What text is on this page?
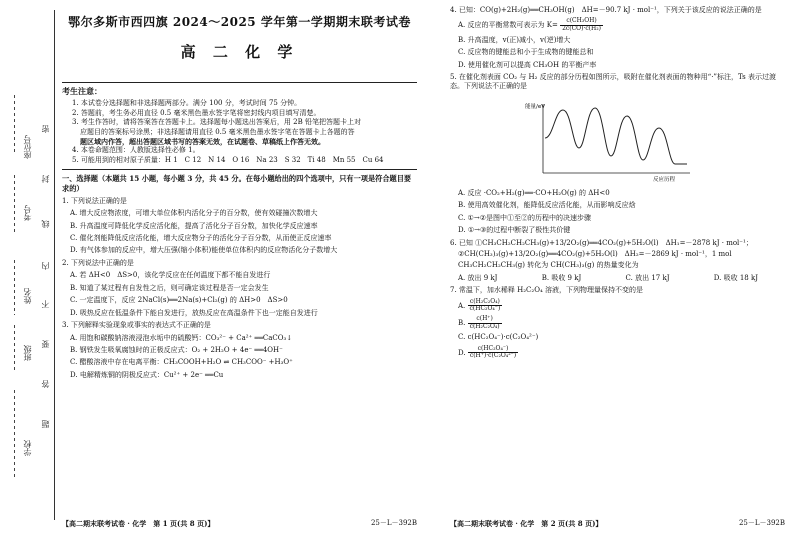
座位号
考号
姓名
班级
学校
密
封
线
内
不
要
答
题
鄂尔多斯市西四旗 2024～2025 学年第一学期期末联考试卷
高 二 化 学
考生注意：
1. 本试卷分选择题和非选择题两部分。满分 100 分，考试时间 75 分钟。
2. 答题前，考生务必用直径 0.5 毫米黑色墨水签字笔将密封线内项目填写清楚。
3. 考生作答时，请将答案答在答题卡上。选择题每小题选出答案后，用 2B 铅笔把答题卡上对
应题目的答案标号涂黑；非选择题请用直径 0.5 毫米黑色墨水签字笔在答题卡上各题的答
题区域内作答，超出答题区域书写的答案无效，在试题卷、草稿纸上作答无效。
4. 本卷命题范围：人教版选择性必修 1。
5. 可能用到的相对原子质量：H 1　C 12　N 14　O 16　Na 23　S 32　Ti 48　Mn 55　Cu 64
一、选择题（本题共 15 小题，每小题 3 分，共 45 分。在每小题给出的四个选项中，只有一项是符合题目要求的）
1. 下列说法正确的是
A. 增大反应物浓度，可增大单位体积内活化分子的百分数，使有效碰撞次数增大
B. 升高温度可降低化学反应活化能，提高了活化分子百分数，加快化学反应速率
C. 催化剂能降低反应活化能，增大反应物分子的活化分子百分数，从而使正反应速率
D. 有气体参加的反应中，增大压强(缩小体积)能使单位体积内的反应物活化分子数增大
2. 下列说法中正确的是
A. 若 ΔH<0　ΔS>0，该化学反应在任何温度下都不能自发进行
B. 知道了某过程有自发性之后，则可确定该过程是否一定会发生
C. 一定温度下，反应 2NaCl(s)══2Na(s)+Cl₂(g) 的 ΔH>0　ΔS>0
D. 吸热反应在低温条件下能自发进行，放热反应在高温条件下也一定能自发进行
3. 下列解释实验现象或事实的表达式不正确的是
A. 用饱和碳酸钠溶液浸泡水垢中的硫酸钙：CO₃²⁻ + Ca²⁺ ══CaCO₃↓
B. 钢铁发生吸氧腐蚀时的正极反应式：O₂ + 2H₂O + 4e⁻ ══4OH⁻
C. 醋酸溶液中存在电离平衡：CH₃COOH+H₂O ⇌ CH₃COO⁻ +H₃O⁺
D. 电解精炼铜的阴极反应式：Cu²⁺ + 2e⁻ ══Cu
【高二期末联考试卷 · 化学　第 1 页(共 8 页)】	25－L－392B
4. 已知：CO(g)+2H₂(g)══CH₃OH(g)　ΔH=－90.7 kJ · mol⁻¹，下列关于该反应的说法正确的是
A. 反应的平衡常数可表示为 $K= \frac{\text{c(CH₃OH)}}{\text{2c(CO)·c(H₂)}}$
B. 升高温度，v(正)减小，v(逆)增大
C. 反应物的键能总和小于生成物的键能总和
D. 使用催化剂可以提高 CH₃OH 的平衡产率
5. 在催化剂表面 CO₂ 与 H₂ 反应的部分历程如图所示，吸附在催化剂表面的物种用“·”标注，Ts 表示过渡态。下列说法不正确的是
能量/eV
反应历程
A. 反应 ·CO₂+H₂(g)══·CO+H₂O(g) 的 ΔH<0
B. 使用高效催化剂，能降低反应活化能，从而影响反应焓
C. ①→②是图中①至②的历程中的决速步骤
D. ①→③的过程中断裂了极性共价键
6. 已知 ①CH₃CH₂CH₂CH₃(g)+13/2O₂(g)══4CO₂(g)+5H₂O(l)　ΔH₁=－2878 kJ · mol⁻¹；
②CH(CH₃)₃(g)+13/2O₂(g)══4CO₂(g)+5H₂O(l)　ΔH₂=－2869 kJ · mol⁻¹，1 mol
CH₃CH₂CH₂CH₃(g) 转化为 CH(CH₃)₃(g) 的热量变化为
A. 放出 9 kJ	B. 吸收 9 kJ	C. 放出 17 kJ	D. 吸收 18 kJ
7. 常温下，加水稀释 H₂C₂O₄ 溶液，下列物理量保持不变的是
A. $\frac{\text{c(H₂C₂O₄)}}{\text{c(HC₂O₄⁻)}}$
B. $\frac{c(H^+)}{\text{c(H₂C₂O₄)}}$
C. c(HC₂O₄⁻)·c(C₂O₄²⁻)
D. $\frac{\text{c(HC₂O₄⁻)}}{\text{c(H⁺)·c(C₂O₄²⁻)}}$
【高二期末联考试卷 · 化学　第 2 页(共 8 页)】	25－L－392B
